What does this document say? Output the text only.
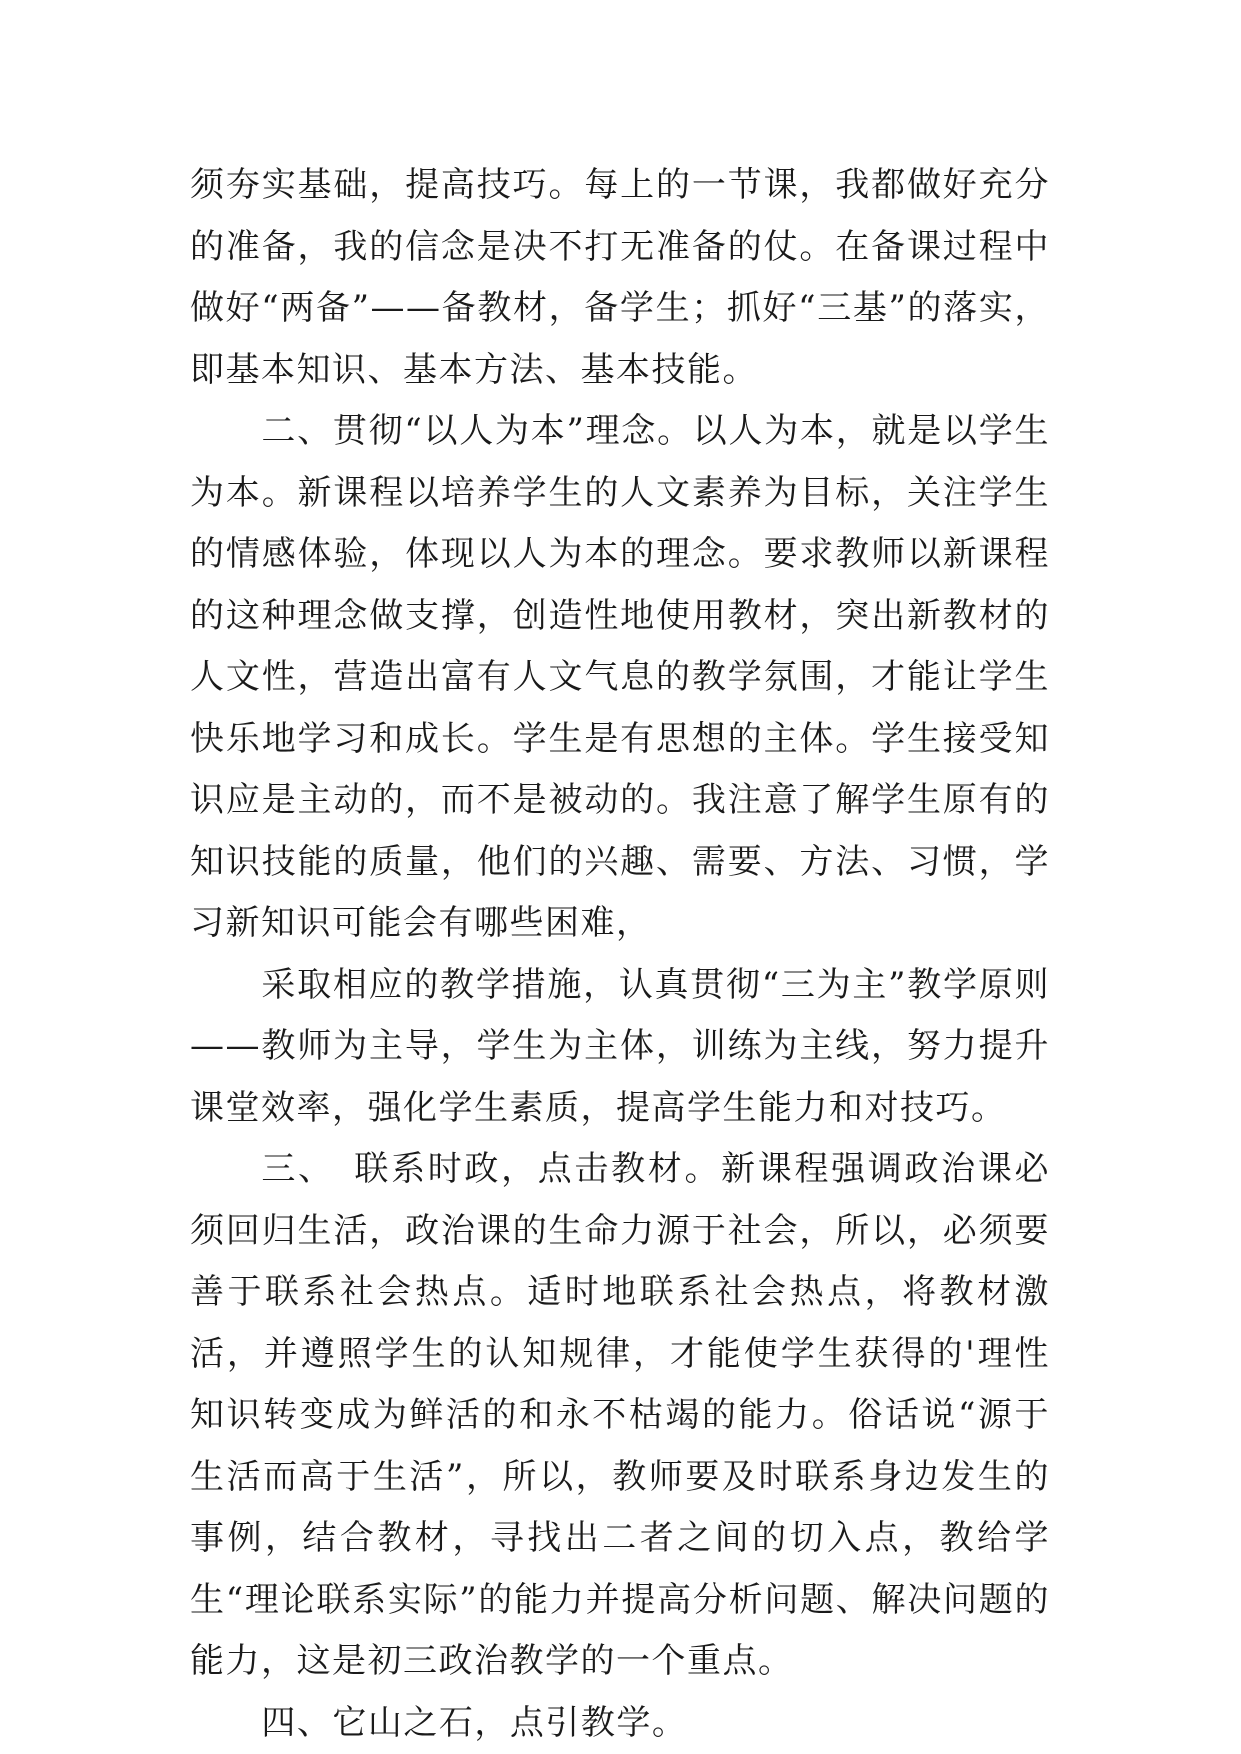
须夯实基础，提高技巧。每上的一节课，我都做好充分的准备，我的信念是决不打无准备的仗。在备课过程中做好“两备”——备教材，备学生；抓好“三基”的落实，即基本知识、基本方法、基本技能。

二、贯彻“以人为本”理念。以人为本，就是以学生为本。新课程以培养学生的人文素养为目标，关注学生的情感体验，体现以人为本的理念。要求教师以新课程的这种理念做支撑，创造性地使用教材，突出新教材的人文性，营造出富有人文气息的教学氛围，才能让学生快乐地学习和成长。学生是有思想的主体。学生接受知识应是主动的，而不是被动的。我注意了解学生原有的知识技能的质量，他们的兴趣、需要、方法、习惯，学习新知识可能会有哪些困难，

采取相应的教学措施，认真贯彻“三为主”教学原则——教师为主导，学生为主体，训练为主线，努力提升课堂效率，强化学生素质，提高学生能力和对技巧。

三、　联系时政，点击教材。新课程强调政治课必须回归生活，政治课的生命力源于社会，所以，必须要善于联系社会热点。适时地联系社会热点，将教材激活，并遵照学生的认知规律，才能使学生获得的'理性知识转变成为鲜活的和永不枯竭的能力。俗话说“源于生活而高于生活”，所以，教师要及时联系身边发生的事例，结合教材，寻找出二者之间的切入点，教给学生“理论联系实际”的能力并提高分析问题、解决问题的能力，这是初三政治教学的一个重点。

四、它山之石，点引教学。
